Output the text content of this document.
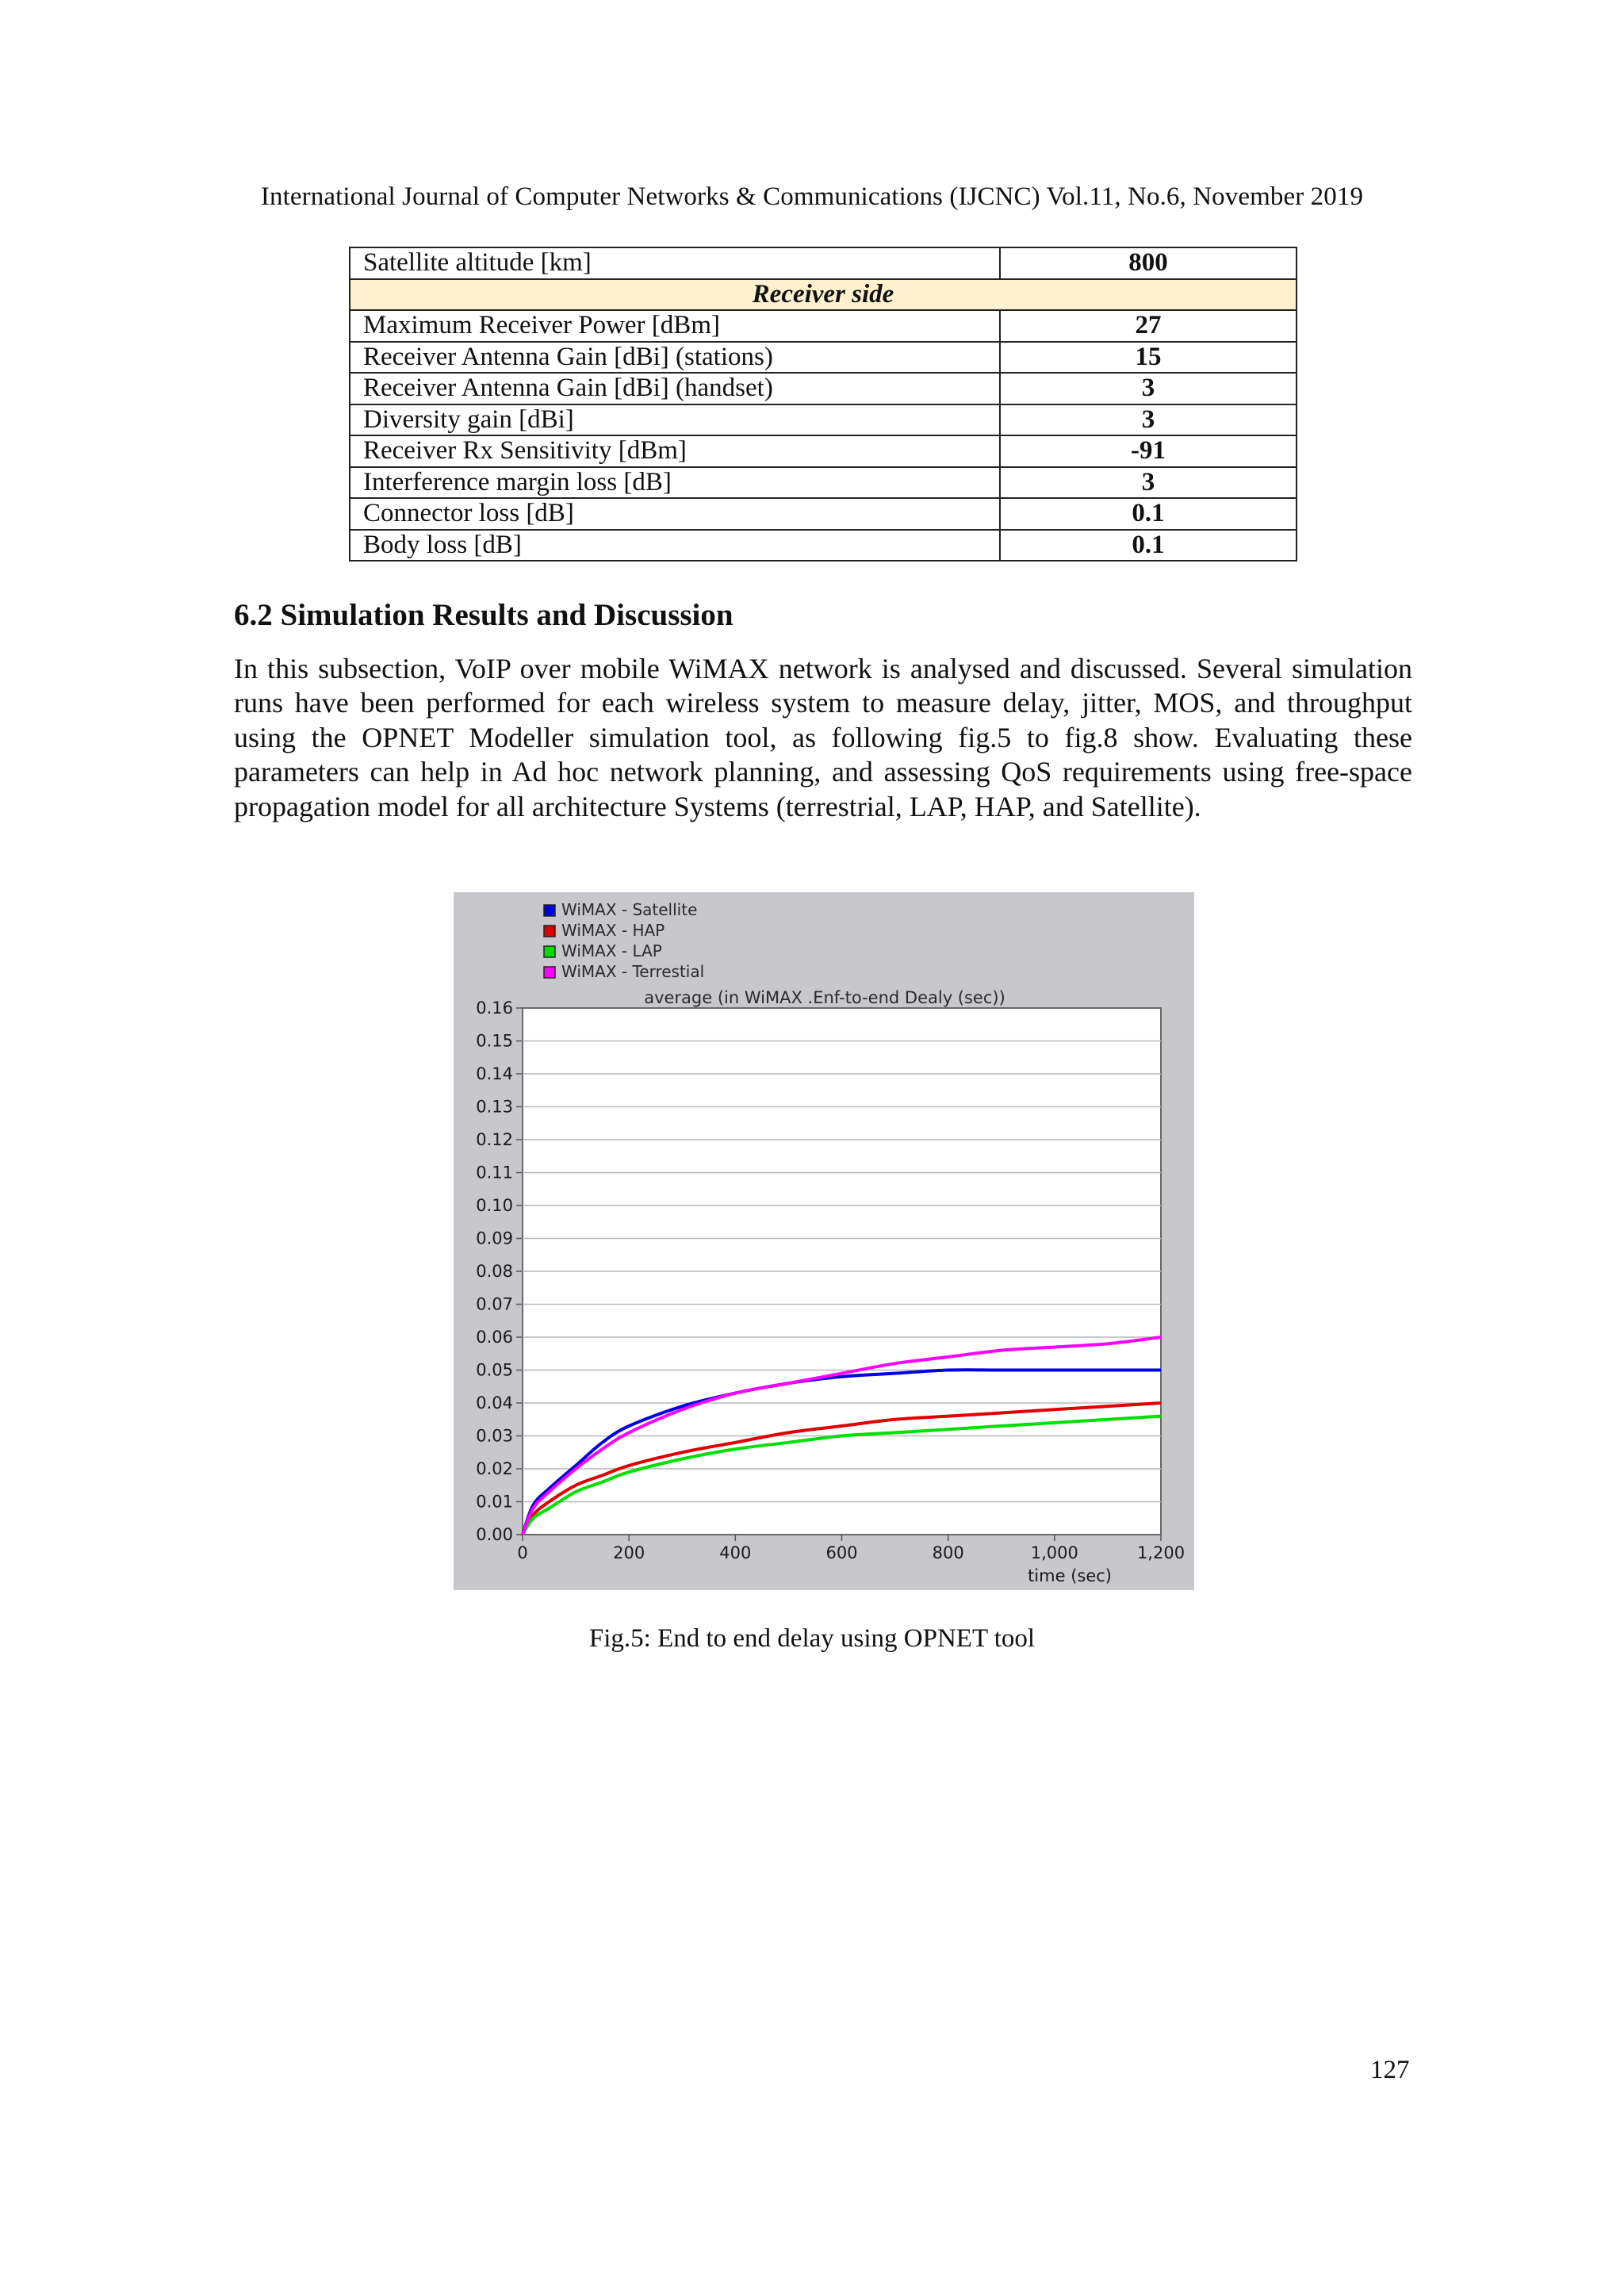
International Journal of Computer Networks & Communications (IJCNC) Vol.11, No.6, November 2019
Satellite altitude [km]	800
Receiver side	
Maximum Receiver Power [dBm]	27
Receiver Antenna Gain [dBi] (stations)	15
Receiver Antenna Gain [dBi] (handset)	3
Diversity gain [dBi]	3
Receiver Rx Sensitivity [dBm]	-91
Interference margin loss [dB]	3
Connector loss [dB]	0.1
Body loss [dB]	0.1
6.2 Simulation Results and Discussion

In this subsection, VoIP over mobile WiMAX network is analysed and discussed. Several simulation runs have been performed for each wireless system to measure delay, jitter, MOS, and throughput using the OPNET Modeller simulation tool, as following fig.5 to fig.8 show. Evaluating these parameters can help in Ad hoc network planning, and assessing QoS requirements using free-space propagation model for all architecture Systems (terrestrial, LAP, HAP, and Satellite).

WiMAX - Satellite
WiMAX - HAP
WiMAX - LAP
WiMAX - Terrestial
average (in WiMAX .Enf-to-end Dealy (sec))
0.00
0.01
0.02
0.03
0.04
0.05
0.06
0.07
0.08
0.09
0.10
0.11
0.12
0.13
0.14
0.15
0.16
0	200	400	600	800	1,000	1,200
time (sec)
Fig.5: End to end delay using OPNET tool
127
